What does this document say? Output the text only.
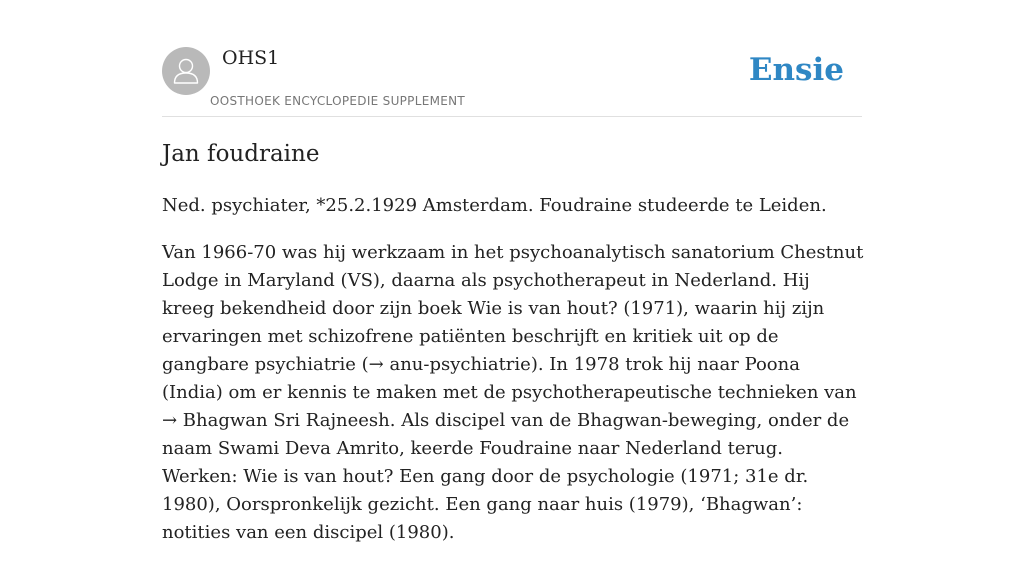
OHS1
OOSTHOEK ENCYCLOPEDIE SUPPLEMENT
Ensie
Jan foudraine

Ned. psychiater, *25.2.1929 Amsterdam. Foudraine studeerde te Leiden.

Van 1966-70 was hij werkzaam in het psychoanalytisch sanatorium Chestnut Lodge in Maryland (VS), daarna als psychotherapeut in Nederland. Hij kreeg bekendheid door zijn boek Wie is van hout? (1971), waarin hij zijn ervaringen met schizofrene patiënten beschrijft en kritiek uit op de gangbare psychiatrie (→ anu-psychiatrie). In 1978 trok hij naar Poona (India) om er kennis te maken met de psychotherapeutische technieken van → Bhagwan Sri Rajneesh. Als discipel van de Bhagwan-beweging, onder de naam Swami Deva Amrito, keerde Foudraine naar Nederland terug. Werken: Wie is van hout? Een gang door de psychologie (1971; 31e dr. 1980), Oorspronkelijk gezicht. Een gang naar huis (1979), ‘Bhagwan’: notities van een discipel (1980).
